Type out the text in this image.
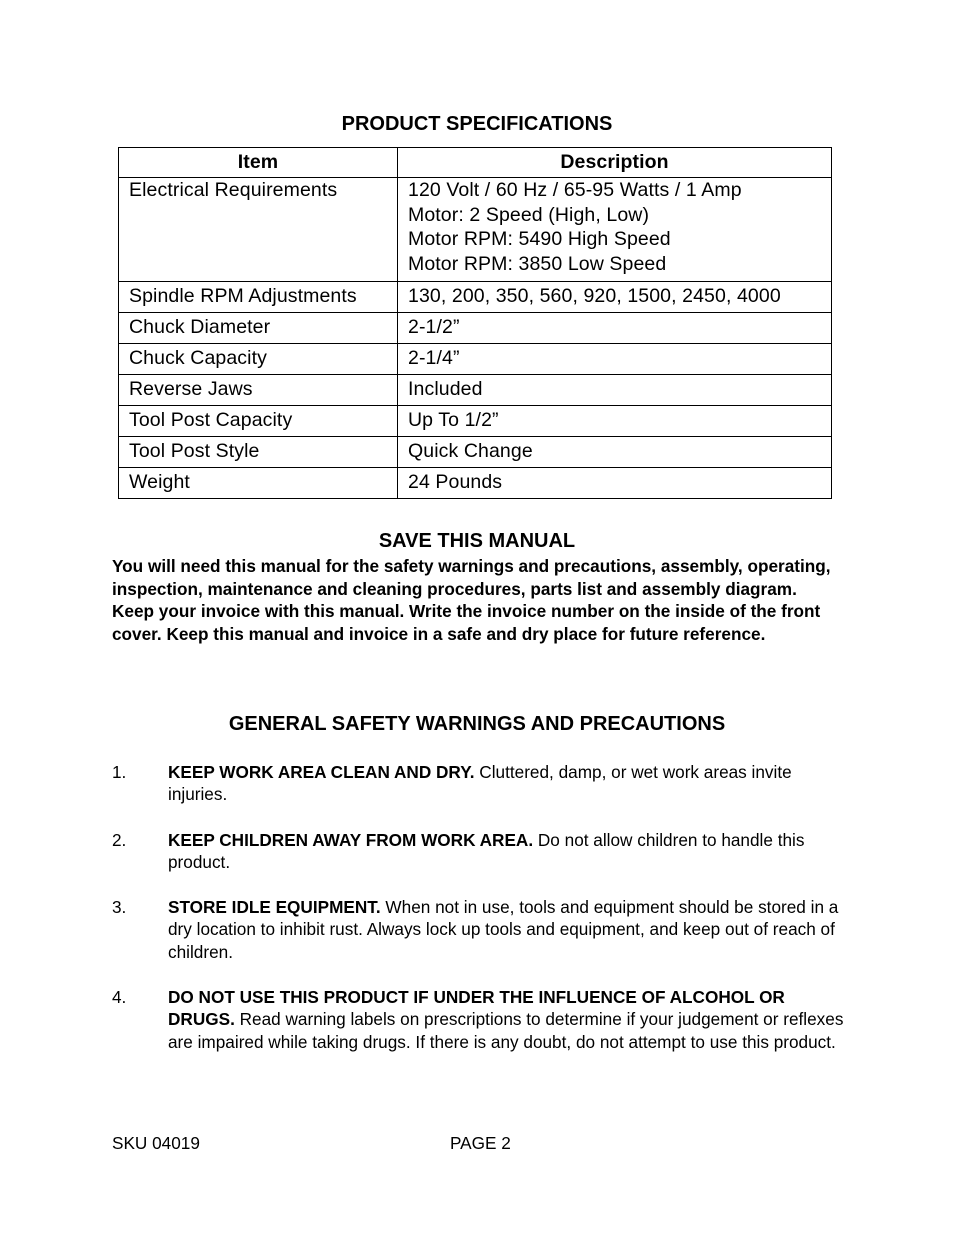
PRODUCT SPECIFICATIONS
Item	Description
Electrical Requirements	120 Volt / 60 Hz / 65-95 Watts / 1 Amp
Motor: 2 Speed (High, Low)
Motor RPM: 5490 High Speed
Motor RPM: 3850 Low Speed

Spindle RPM Adjustments	130, 200, 350, 560, 920, 1500, 2450, 4000
Chuck Diameter	2-1/2”
Chuck Capacity	2-1/4”
Reverse Jaws	Included
Tool Post Capacity	Up To 1/2”
Tool Post Style	Quick Change
Weight	24 Pounds
SAVE THIS MANUAL

You will need this manual for the safety warnings and precautions, assembly, operating, inspection, maintenance and cleaning procedures, parts list and assembly diagram. Keep your invoice with this manual. Write the invoice number on the inside of the front cover. Keep this manual and invoice in a safe and dry place for future reference.

GENERAL SAFETY WARNINGS AND PRECAUTIONS
1. KEEP WORK AREA CLEAN AND DRY. Cluttered, damp, or wet work areas invite injuries.
2. KEEP CHILDREN AWAY FROM WORK AREA. Do not allow children to handle this product.
3. STORE IDLE EQUIPMENT. When not in use, tools and equipment should be stored in a dry location to inhibit rust. Always lock up tools and equipment, and keep out of reach of children.
4. DO NOT USE THIS PRODUCT IF UNDER THE INFLUENCE OF ALCOHOL OR DRUGS. Read warning labels on prescriptions to determine if your judgement or reflexes are impaired while taking drugs. If there is any doubt, do not attempt to use this product.
SKU 04019	PAGE 2
